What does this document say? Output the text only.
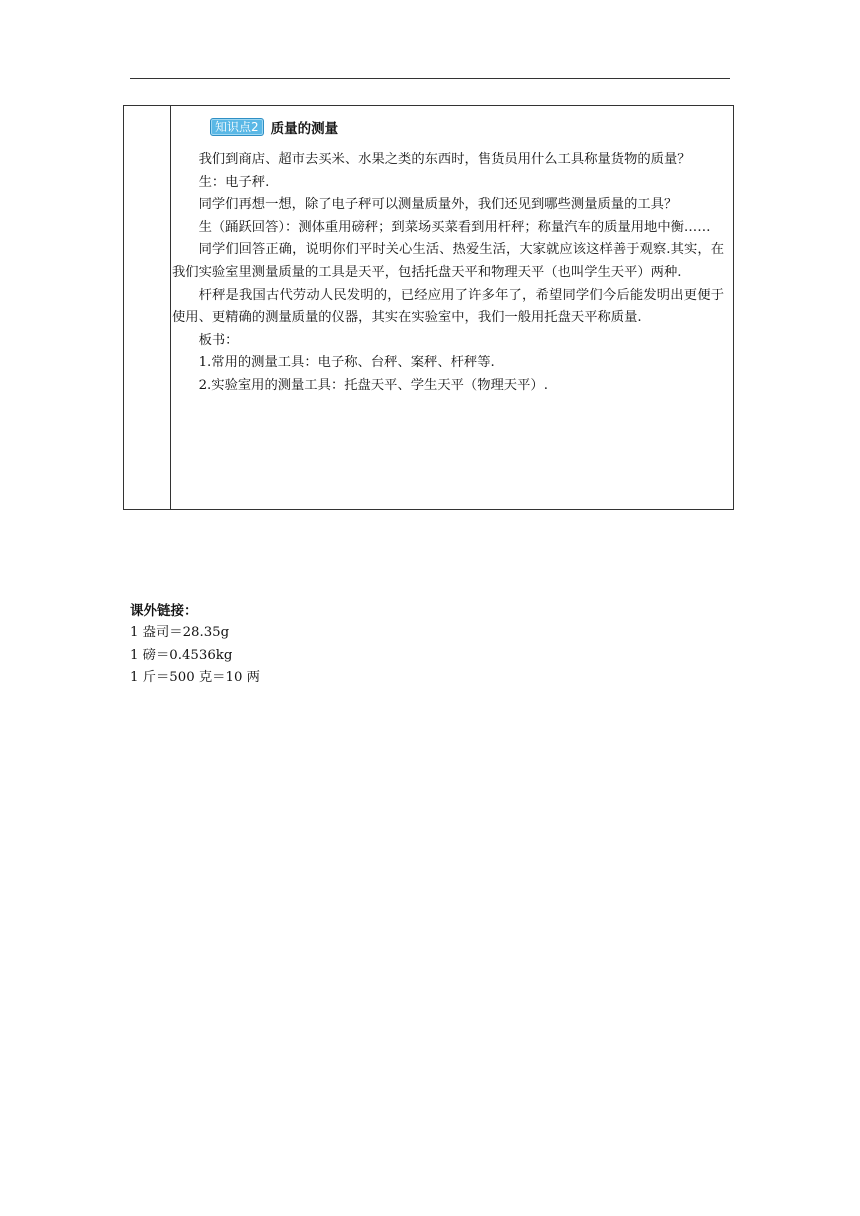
知识点2 质量的测量

我们到商店、超市去买米、水果之类的东西时，售货员用什么工具称量货物的质量？

生：电子秤.

同学们再想一想，除了电子秤可以测量质量外，我们还见到哪些测量质量的工具？

生（踊跃回答）：测体重用磅秤；到菜场买菜看到用杆秤；称量汽车的质量用地中衡……

同学们回答正确，说明你们平时关心生活、热爱生活，大家就应该这样善于观察.其实，在我们实验室里测量质量的工具是天平，包括托盘天平和物理天平（也叫学生天平）两种.

杆秤是我国古代劳动人民发明的，已经应用了许多年了，希望同学们今后能发明出更便于使用、更精确的测量质量的仪器，其实在实验室中，我们一般用托盘天平称质量.

板书：

1.常用的测量工具：电子称、台秤、案秤、杆秤等.

2.实验室用的测量工具：托盘天平、学生天平（物理天平）.

课外链接：
1 盎司＝28.35g
1 磅＝0.4536kg
1 斤＝500 克＝10 两
